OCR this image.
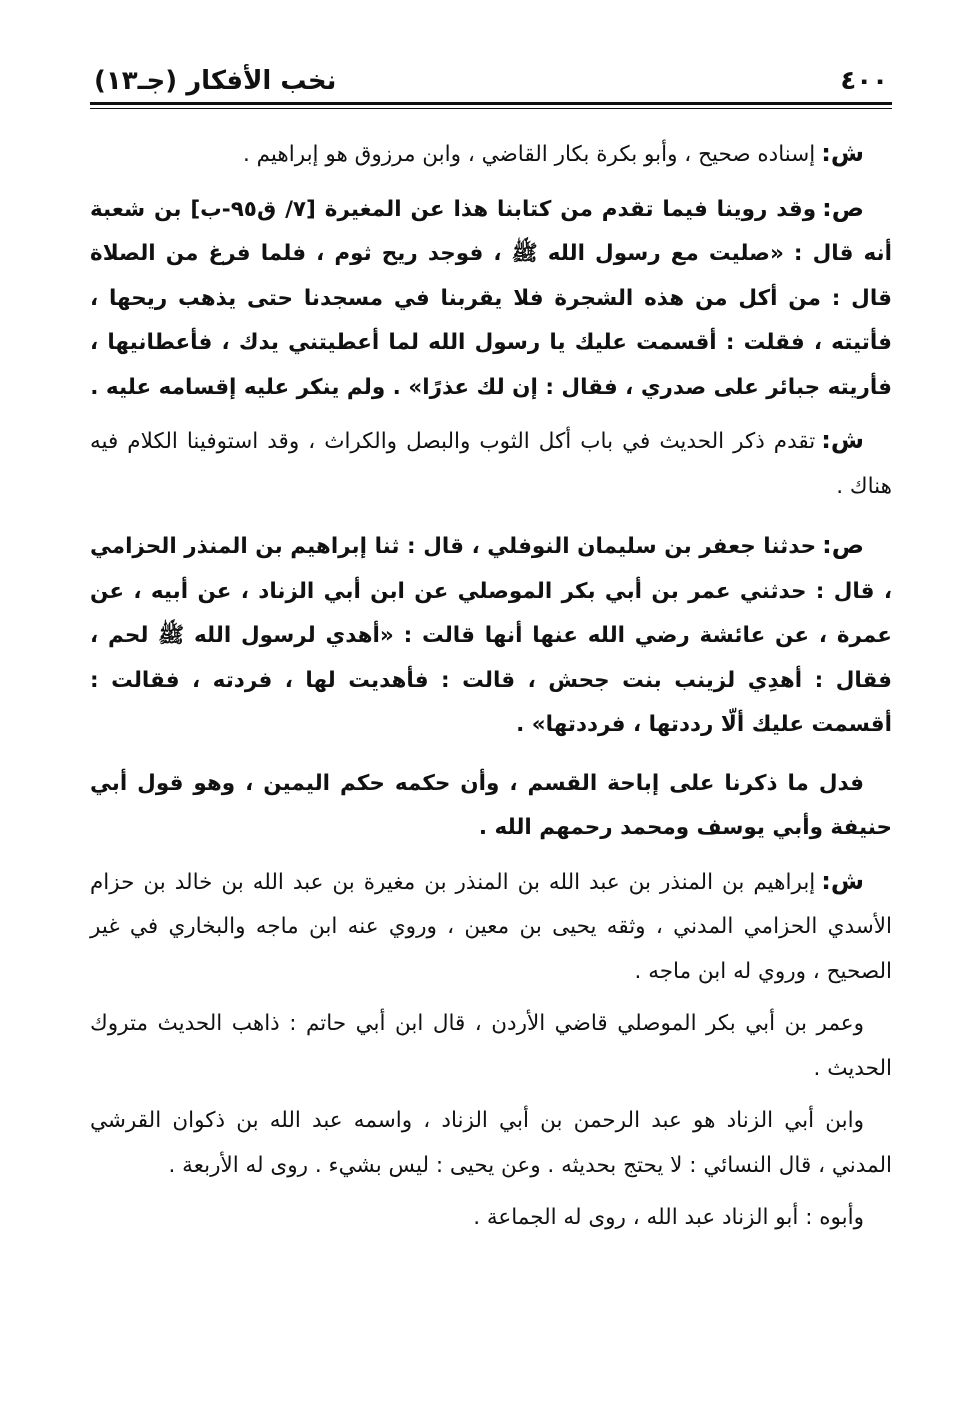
٤٠٠
نخب الأفكار (جـ١٣)

ش:إسناده صحيح ، وأبو بكرة بكار القاضي ، وابن مرزوق هو إبراهيم .

ص:وقد روينا فيما تقدم من كتابنا هذا عن المغيرة [٧/ ق٩٥-ب] بن شعبة أنه قال : «صليت مع رسول الله ﷺ ، فوجد ريح ثوم ، فلما فرغ من الصلاة قال : من أكل من هذه الشجرة فلا يقربنا في مسجدنا حتى يذهب ريحها ، فأتيته ، فقلت : أقسمت عليك يا رسول الله لما أعطيتني يدك ، فأعطانيها ، فأريته جبائر على صدري ، فقال : إن لك عذرًا» . ولم ينكر عليه إقسامه عليه .

ش:تقدم ذكر الحديث في باب أكل الثوب والبصل والكراث ، وقد استوفينا الكلام فيه هناك .

ص:حدثنا جعفر بن سليمان النوفلي ، قال : ثنا إبراهيم بن المنذر الحزامي ، قال : حدثني عمر بن أبي بكر الموصلي عن ابن أبي الزناد ، عن أبيه ، عن عمرة ، عن عائشة رضي الله عنها أنها قالت : «أهدي لرسول الله ﷺ لحم ، فقال : أهدِي لزينب بنت جحش ، قالت : فأهديت لها ، فردته ، فقالت : أقسمت عليك ألّا رددتها ، فرددتها» .

فدل ما ذكرنا على إباحة القسم ، وأن حكمه حكم اليمين ، وهو قول أبي حنيفة وأبي يوسف ومحمد رحمهم الله .

ش:إبراهيم بن المنذر بن عبد الله بن المنذر بن مغيرة بن عبد الله بن خالد بن حزام الأسدي الحزامي المدني ، وثقه يحيى بن معين ، وروي عنه ابن ماجه والبخاري في غير الصحيح ، وروي له ابن ماجه .

وعمر بن أبي بكر الموصلي قاضي الأردن ، قال ابن أبي حاتم : ذاهب الحديث متروك الحديث .

وابن أبي الزناد هو عبد الرحمن بن أبي الزناد ، واسمه عبد الله بن ذكوان القرشي المدني ، قال النسائي : لا يحتج بحديثه . وعن يحيى : ليس بشيء . روى له الأربعة .

وأبوه : أبو الزناد عبد الله ، روى له الجماعة .
